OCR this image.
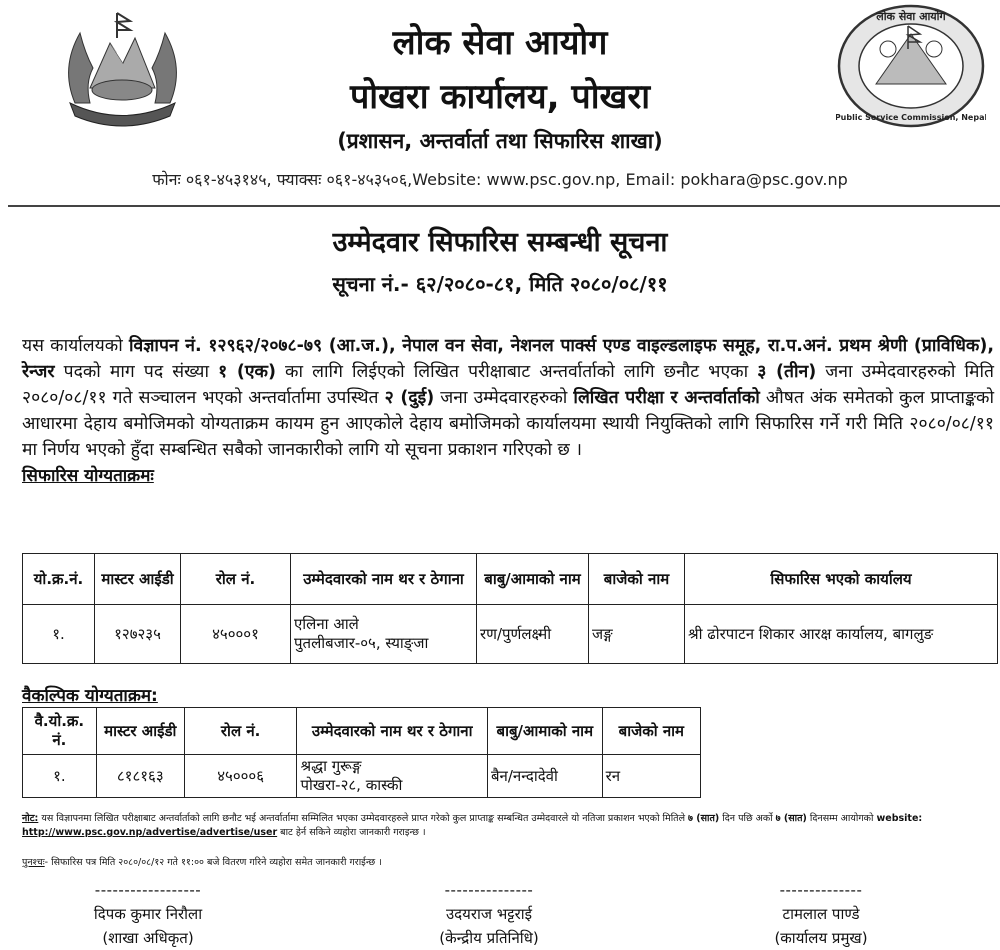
लोक सेवा आयोग
Public Service Commission, Nepal
लोक सेवा आयोग
पोखरा कार्यालय, पोखरा
(प्रशासन, अन्तर्वार्ता तथा सिफारिस शाखा)
फोनः ०६१-४५३१४५, फ्याक्सः ०६१-४५३५०६,Website: www.psc.gov.np, Email: pokhara@psc.gov.np
उम्मेदवार सिफारिस सम्बन्धी सूचना
सूचना नं.- ६२/२०८०-८१, मिति २०८०/०८/११
यस कार्यालयको विज्ञापन नं. १२९६२/२०७८-७९ (आ.ज.), नेपाल वन सेवा, नेशनल पार्क्स एण्ड वाइल्डलाइफ समूह, रा.प.अनं. प्रथम श्रेणी (प्राविधिक), रेन्जर पदको माग पद संख्या १ (एक) का लागि लिईएको लिखित परीक्षाबाट अन्तर्वार्ताको लागि छनौट भएका ३ (तीन) जना उम्मेदवारहरुको मिति २०८०/०८/११ गते सञ्चालन भएको अन्तर्वार्तामा उपस्थित २ (दुई) जना उम्मेदवारहरुको लिखित परीक्षा र अन्तर्वार्ताको औषत अंक समेतको कुल प्राप्ताङ्कको आधारमा देहाय बमोजिमको योग्यताक्रम कायम हुन आएकोले देहाय बमोजिमको कार्यालयमा स्थायी नियुक्तिको लागि सिफारिस गर्ने गरी मिति २०८०/०८/११ मा निर्णय भएको हुँदा सम्बन्धित सबैको जानकारीको लागि यो सूचना प्रकाशन गरिएको छ ।
सिफारिस योग्यताक्रमः
यो.क्र.नं.	मास्टर आईडी	रोल नं.	उम्मेदवारको नाम थर र ठेगाना	बाबु/आमाको नाम	बाजेको नाम	सिफारिस भएको कार्यालय
१.	१२७२३५	४५०००१	एलिना आले
पुतलीबजार-०५, स्याङ्जा	रण/पुर्णलक्ष्मी	जङ्ग	श्री ढोरपाटन शिकार आरक्ष कार्यालय, बागलुङ
वैकल्पिक योग्यताक्रम:
वै.यो.क्र. नं.	मास्टर आईडी	रोल नं.	उम्मेदवारको नाम थर र ठेगाना	बाबु/आमाको नाम	बाजेको नाम
१.	८१८१६३	४५०००६	श्रद्धा गुरूङ्ग
पोखरा-२८, कास्की	बैन/नन्दादेवी	रन
नोट: यस विज्ञापनमा लिखित परीक्षाबाट अन्तर्वार्ताको लागि छनौट भई अन्तर्वार्तामा सम्मिलित भएका उम्मेदवारहरुले प्राप्त गरेको कुल प्राप्ताङ्क सम्बन्धित उम्मेदवारले यो नतिजा प्रकाशन भएको मितिले ७ (सात) दिन पछि अर्को ७ (सात) दिनसम्म आयोगको website: http://www.psc.gov.np/advertise/advertise/user बाट हेर्न सकिने व्यहोरा जानकारी गराइन्छ ।
पुनश्चः- सिफारिस पत्र मिति २०८०/०८/१२ गते ११:०० बजे वितरण गरिने व्यहोरा समेत जानकारी गराईन्छ ।
------------------
दिपक कुमार निरौला
(शाखा अधिकृत)
---------------
उदयराज भट्टराई
(केन्द्रीय प्रतिनिधि)
--------------
टामलाल पाण्डे
(कार्यालय प्रमुख)
